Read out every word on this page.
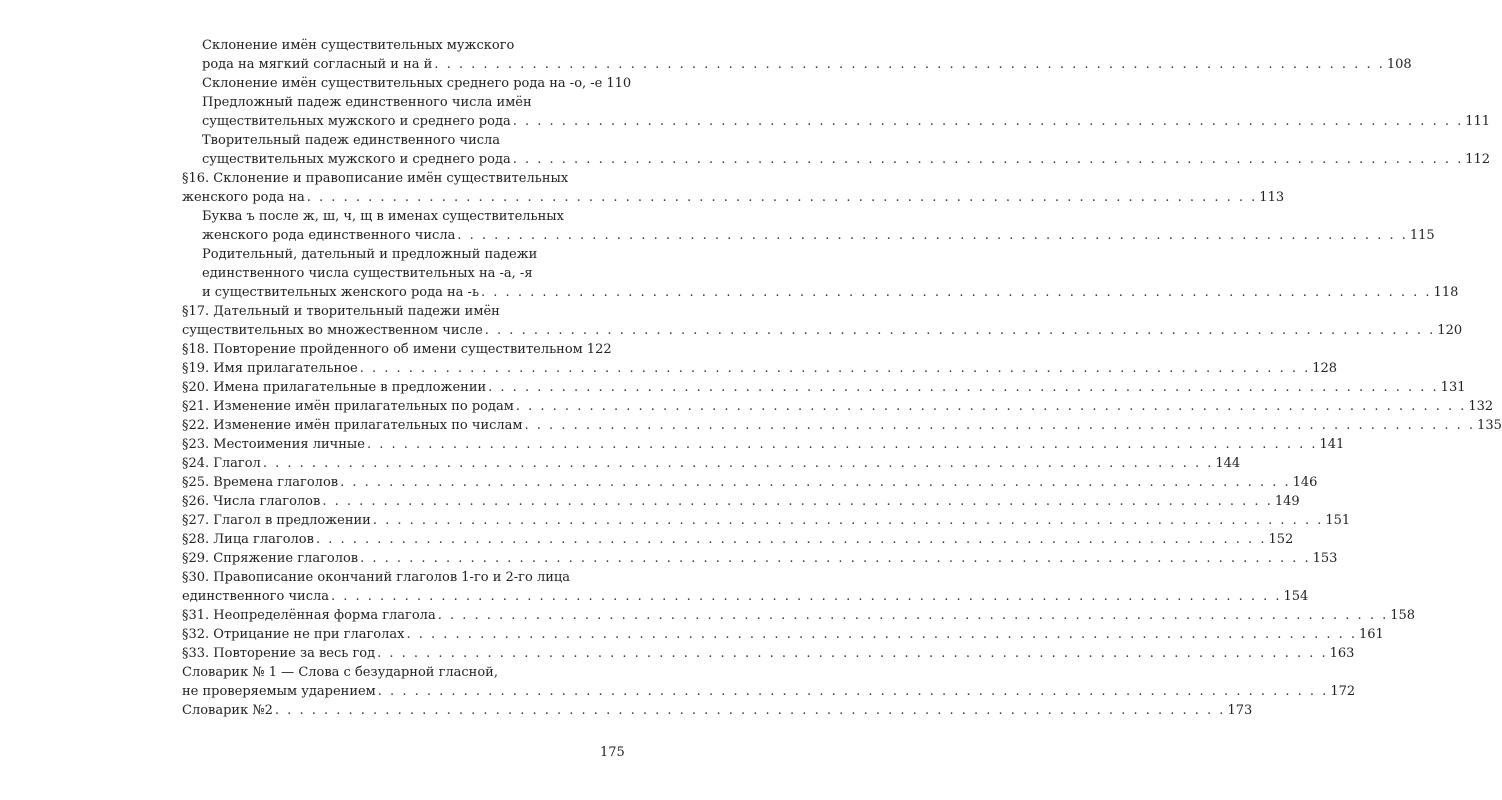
Склонение имён существительных мужского
рода на мягкий согласный и на й . . . . . . . . . . . . . . . . . . . . . . . . . . . . . . . . . . . . . . . . . . . . . . . . . . . . . . . . . . . . . . . . . . . . . . . . . . . . . . 108
Склонение имён существительных среднего рода на -о, -е 110
Предложный падеж единственного числа имён
существительных мужского и среднего рода . . . . . . . . . . . . . . . . . . . . . . . . . . . . . . . . . . . . . . . . . . . . . . . . . . . . . . . . . . . . . . . . . . . . . . . . . . . . . . 111
Творительный падеж единственного числа
существительных мужского и среднего рода . . . . . . . . . . . . . . . . . . . . . . . . . . . . . . . . . . . . . . . . . . . . . . . . . . . . . . . . . . . . . . . . . . . . . . . . . . . . . . 112
§16. Склонение и правописание имён существительных
женского рода на . . . . . . . . . . . . . . . . . . . . . . . . . . . . . . . . . . . . . . . . . . . . . . . . . . . . . . . . . . . . . . . . . . . . . . . . . . . . . . 113
Буква ъ после ж, ш, ч, щ в именах существительных
женского рода единственного числа . . . . . . . . . . . . . . . . . . . . . . . . . . . . . . . . . . . . . . . . . . . . . . . . . . . . . . . . . . . . . . . . . . . . . . . . . . . . . . 115
Родительный, дательный и предложный падежи
единственного числа существительных на -а, -я
и существительных женского рода на -ь . . . . . . . . . . . . . . . . . . . . . . . . . . . . . . . . . . . . . . . . . . . . . . . . . . . . . . . . . . . . . . . . . . . . . . . . . . . . . . 118
§17. Дательный и творительный падежи имён
существительных во множественном числе . . . . . . . . . . . . . . . . . . . . . . . . . . . . . . . . . . . . . . . . . . . . . . . . . . . . . . . . . . . . . . . . . . . . . . . . . . . . . . 120
§18. Повторение пройденного об имени существительном 122
§19. Имя прилагательное . . . . . . . . . . . . . . . . . . . . . . . . . . . . . . . . . . . . . . . . . . . . . . . . . . . . . . . . . . . . . . . . . . . . . . . . . . . . . . 128
§20. Имена прилагательные в предложении . . . . . . . . . . . . . . . . . . . . . . . . . . . . . . . . . . . . . . . . . . . . . . . . . . . . . . . . . . . . . . . . . . . . . . . . . . . . . . 131
§21. Изменение имён прилагательных по родам . . . . . . . . . . . . . . . . . . . . . . . . . . . . . . . . . . . . . . . . . . . . . . . . . . . . . . . . . . . . . . . . . . . . . . . . . . . . . . 132
§22. Изменение имён прилагательных по числам . . . . . . . . . . . . . . . . . . . . . . . . . . . . . . . . . . . . . . . . . . . . . . . . . . . . . . . . . . . . . . . . . . . . . . . . . . . . . . 135
§23. Местоимения личные . . . . . . . . . . . . . . . . . . . . . . . . . . . . . . . . . . . . . . . . . . . . . . . . . . . . . . . . . . . . . . . . . . . . . . . . . . . . . . 141
§24. Глагол . . . . . . . . . . . . . . . . . . . . . . . . . . . . . . . . . . . . . . . . . . . . . . . . . . . . . . . . . . . . . . . . . . . . . . . . . . . . . . 144
§25. Времена глаголов . . . . . . . . . . . . . . . . . . . . . . . . . . . . . . . . . . . . . . . . . . . . . . . . . . . . . . . . . . . . . . . . . . . . . . . . . . . . . . 146
§26. Числа глаголов . . . . . . . . . . . . . . . . . . . . . . . . . . . . . . . . . . . . . . . . . . . . . . . . . . . . . . . . . . . . . . . . . . . . . . . . . . . . . . 149
§27. Глагол в предложении . . . . . . . . . . . . . . . . . . . . . . . . . . . . . . . . . . . . . . . . . . . . . . . . . . . . . . . . . . . . . . . . . . . . . . . . . . . . . . 151
§28. Лица глаголов . . . . . . . . . . . . . . . . . . . . . . . . . . . . . . . . . . . . . . . . . . . . . . . . . . . . . . . . . . . . . . . . . . . . . . . . . . . . . . 152
§29. Спряжение глаголов . . . . . . . . . . . . . . . . . . . . . . . . . . . . . . . . . . . . . . . . . . . . . . . . . . . . . . . . . . . . . . . . . . . . . . . . . . . . . . 153
§30. Правописание окончаний глаголов 1-го и 2-го лица
единственного числа . . . . . . . . . . . . . . . . . . . . . . . . . . . . . . . . . . . . . . . . . . . . . . . . . . . . . . . . . . . . . . . . . . . . . . . . . . . . . . 154
§31. Неопределённая форма глагола . . . . . . . . . . . . . . . . . . . . . . . . . . . . . . . . . . . . . . . . . . . . . . . . . . . . . . . . . . . . . . . . . . . . . . . . . . . . . . 158
§32. Отрицание не при глаголах . . . . . . . . . . . . . . . . . . . . . . . . . . . . . . . . . . . . . . . . . . . . . . . . . . . . . . . . . . . . . . . . . . . . . . . . . . . . . . 161
§33. Повторение за весь год . . . . . . . . . . . . . . . . . . . . . . . . . . . . . . . . . . . . . . . . . . . . . . . . . . . . . . . . . . . . . . . . . . . . . . . . . . . . . . 163
Словарик № 1 — Слова с безударной гласной,
не проверяемым ударением . . . . . . . . . . . . . . . . . . . . . . . . . . . . . . . . . . . . . . . . . . . . . . . . . . . . . . . . . . . . . . . . . . . . . . . . . . . . . . 172
Словарик №2 . . . . . . . . . . . . . . . . . . . . . . . . . . . . . . . . . . . . . . . . . . . . . . . . . . . . . . . . . . . . . . . . . . . . . . . . . . . . . . 173
175
